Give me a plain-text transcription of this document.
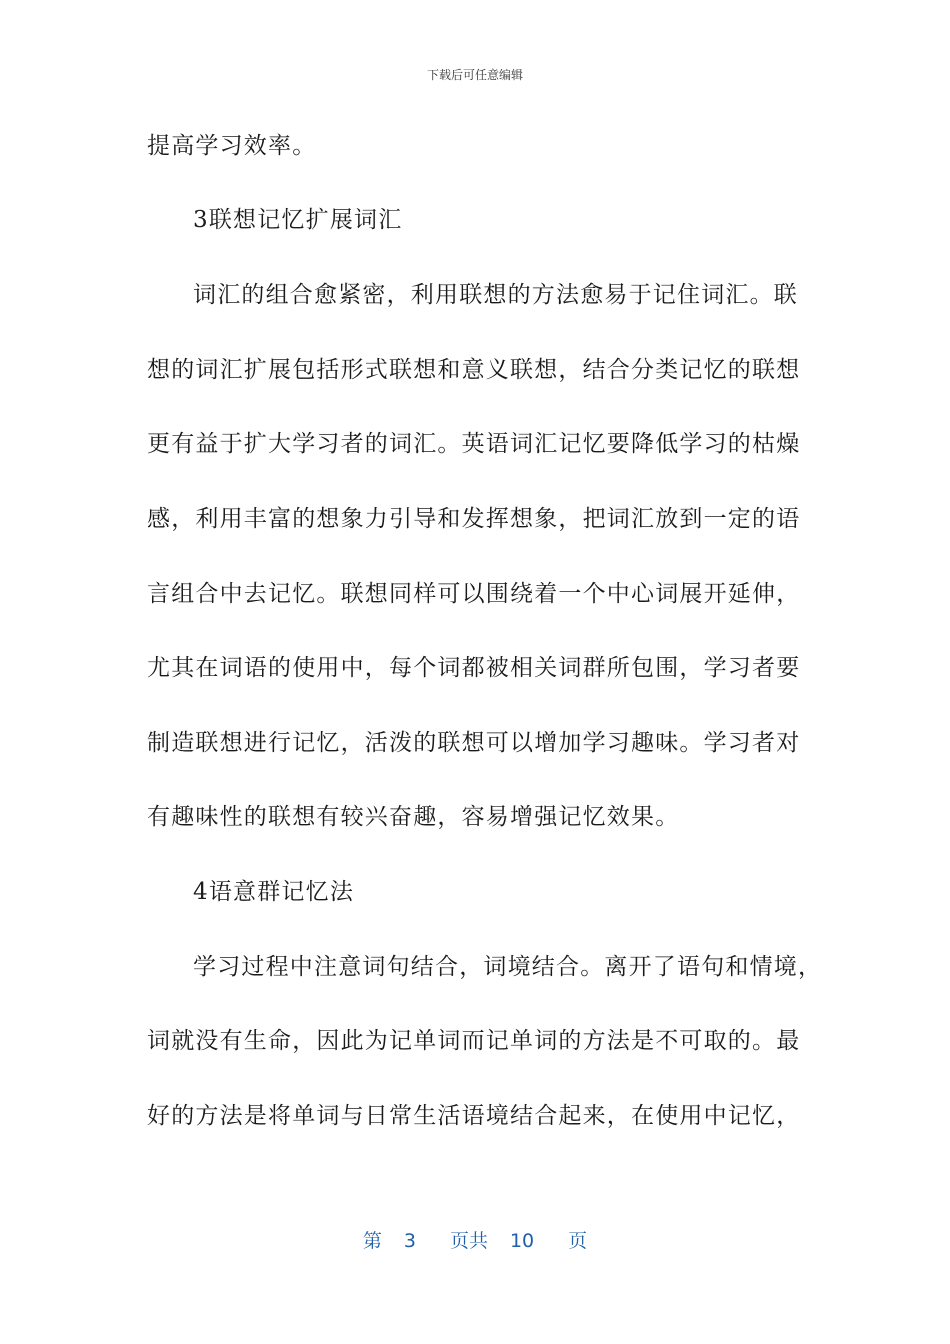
下载后可任意编辑
提高学习效率。
3联想记忆扩展词汇
词汇的组合愈紧密，利用联想的方法愈易于记住词汇。联
想的词汇扩展包括形式联想和意义联想，结合分类记忆的联想
更有益于扩大学习者的词汇。英语词汇记忆要降低学习的枯燥
感，利用丰富的想象力引导和发挥想象，把词汇放到一定的语
言组合中去记忆。联想同样可以围绕着一个中心词展开延伸，
尤其在词语的使用中，每个词都被相关词群所包围，学习者要
制造联想进行记忆，活泼的联想可以增加学习趣味。学习者对
有趣味性的联想有较兴奋趣，容易增强记忆效果。
4语意群记忆法
学习过程中注意词句结合，词境结合。离开了语句和情境，
词就没有生命，因此为记单词而记单词的方法是不可取的。最
好的方法是将单词与日常生活语境结合起来，在使用中记忆，
第 3 页共 10 页
